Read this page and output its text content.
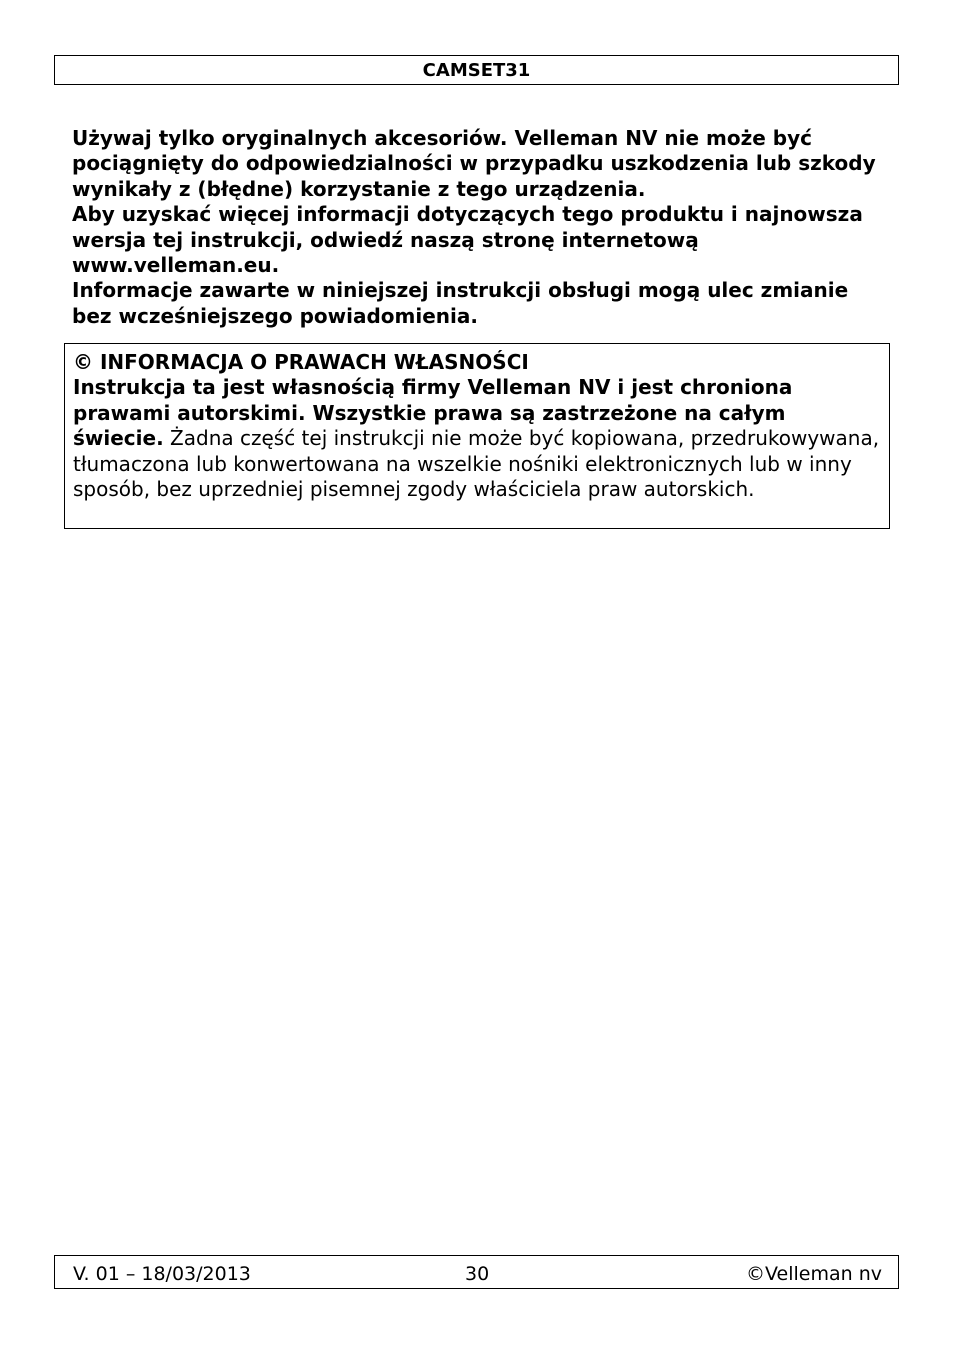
CAMSET31

Używaj tylko oryginalnych akcesoriów. Velleman NV nie może być pociągnięty do odpowiedzialności w przypadku uszkodzenia lub szkody wynikały z (błędne) korzystanie z tego urządzenia.

Aby uzyskać więcej informacji dotyczących tego produktu i najnowsza wersja tej instrukcji, odwiedź naszą stronę internetową www.velleman.eu.

Informacje zawarte w niniejszej instrukcji obsługi mogą ulec zmianie bez wcześniejszego powiadomienia.

© INFORMACJA O PRAWACH WŁASNOŚCI

Instrukcja ta jest własnością firmy Velleman NV i jest chroniona prawami autorskimi. Wszystkie prawa są zastrzeżone na całym świecie. Żadna część tej instrukcji nie może być kopiowana, przedrukowywana, tłumaczona lub konwertowana na wszelkie nośniki elektronicznych lub w inny sposób, bez uprzedniej pisemnej zgody właściciela praw autorskich.

V. 01 – 18/03/2013	30	©Velleman nv
